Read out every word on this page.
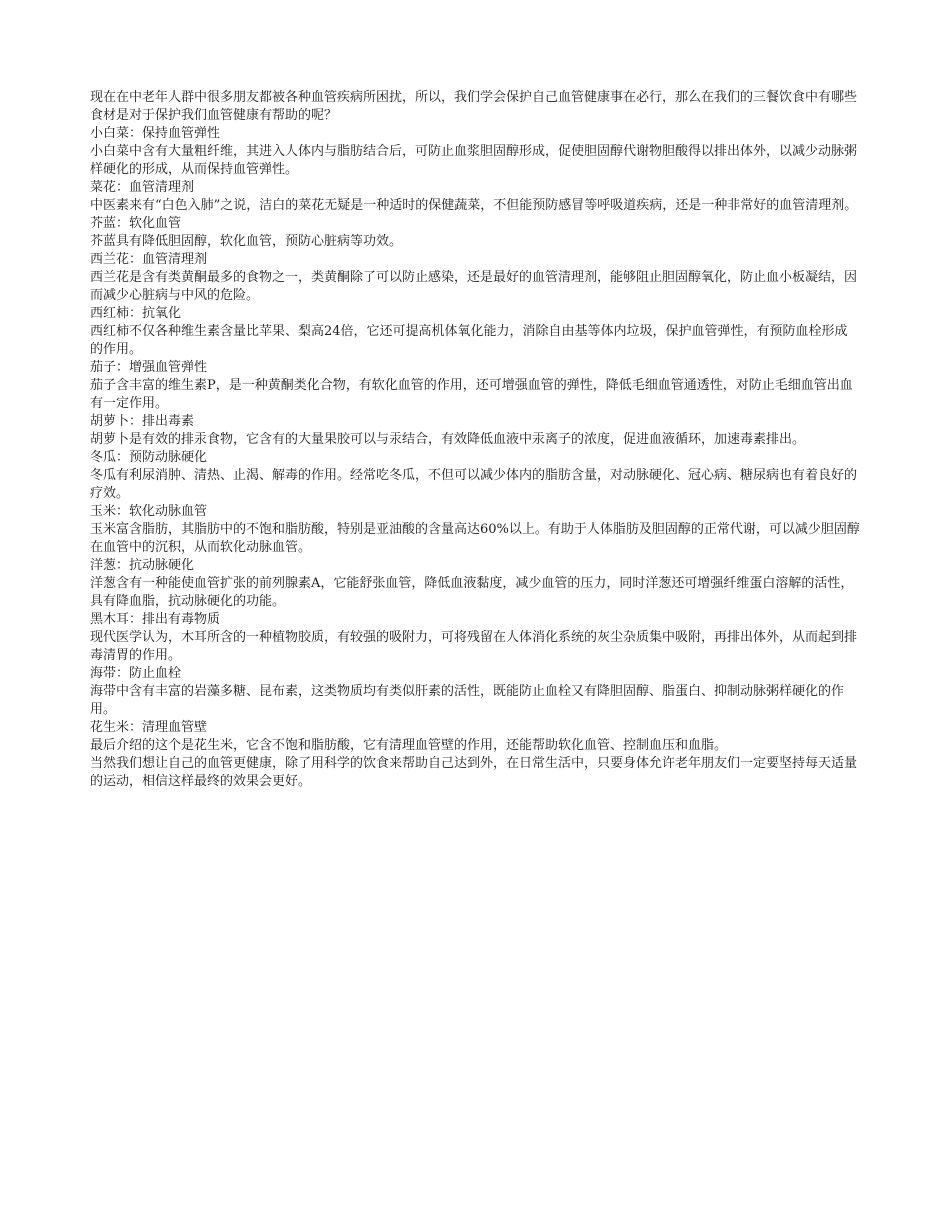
现在在中老年人群中很多朋友都被各种血管疾病所困扰，所以，我们学会保护自己血管健康事在必行，那么在我们的三餐饮食中有哪些食材是对于保护我们血管健康有帮助的呢？

小白菜：保持血管弹性

小白菜中含有大量粗纤维，其进入人体内与脂肪结合后，可防止血浆胆固醇形成，促使胆固醇代谢物胆酸得以排出体外，以减少动脉粥样硬化的形成，从而保持血管弹性。

菜花：血管清理剂

中医素来有“白色入肺”之说，洁白的菜花无疑是一种适时的保健蔬菜，不但能预防感冒等呼吸道疾病，还是一种非常好的血管清理剂。

芥蓝：软化血管

芥蓝具有降低胆固醇，软化血管，预防心脏病等功效。

西兰花：血管清理剂

西兰花是含有类黄酮最多的食物之一，类黄酮除了可以防止感染，还是最好的血管清理剂，能够阻止胆固醇氧化，防止血小板凝结，因而减少心脏病与中风的危险。

西红柿：抗氧化

西红柿不仅各种维生素含量比苹果、梨高24倍，它还可提高机体氧化能力，消除自由基等体内垃圾，保护血管弹性，有预防血栓形成的作用。

茄子：增强血管弹性

茄子含丰富的维生素P，是一种黄酮类化合物，有软化血管的作用，还可增强血管的弹性，降低毛细血管通透性，对防止毛细血管出血有一定作用。

胡萝卜：排出毒素

胡萝卜是有效的排汞食物，它含有的大量果胶可以与汞结合，有效降低血液中汞离子的浓度，促进血液循环，加速毒素排出。

冬瓜：预防动脉硬化

冬瓜有利尿消肿、清热、止渴、解毒的作用。经常吃冬瓜，不但可以减少体内的脂肪含量，对动脉硬化、冠心病、糖尿病也有着良好的疗效。

玉米：软化动脉血管

玉米富含脂肪，其脂肪中的不饱和脂肪酸，特别是亚油酸的含量高达60%以上。有助于人体脂肪及胆固醇的正常代谢，可以减少胆固醇在血管中的沉积，从而软化动脉血管。

洋葱：抗动脉硬化

洋葱含有一种能使血管扩张的前列腺素A，它能舒张血管，降低血液黏度，减少血管的压力，同时洋葱还可增强纤维蛋白溶解的活性，具有降血脂，抗动脉硬化的功能。

黑木耳：排出有毒物质

现代医学认为，木耳所含的一种植物胶质，有较强的吸附力，可将残留在人体消化系统的灰尘杂质集中吸附，再排出体外，从而起到排毒清胃的作用。

海带：防止血栓

海带中含有丰富的岩藻多糖、昆布素，这类物质均有类似肝素的活性，既能防止血栓又有降胆固醇、脂蛋白、抑制动脉粥样硬化的作用。

花生米：清理血管壁

最后介绍的这个是花生米，它含不饱和脂肪酸，它有清理血管壁的作用，还能帮助软化血管、控制血压和血脂。

当然我们想让自己的血管更健康，除了用科学的饮食来帮助自己达到外，在日常生活中，只要身体允许老年朋友们一定要坚持每天适量的运动，相信这样最终的效果会更好。
